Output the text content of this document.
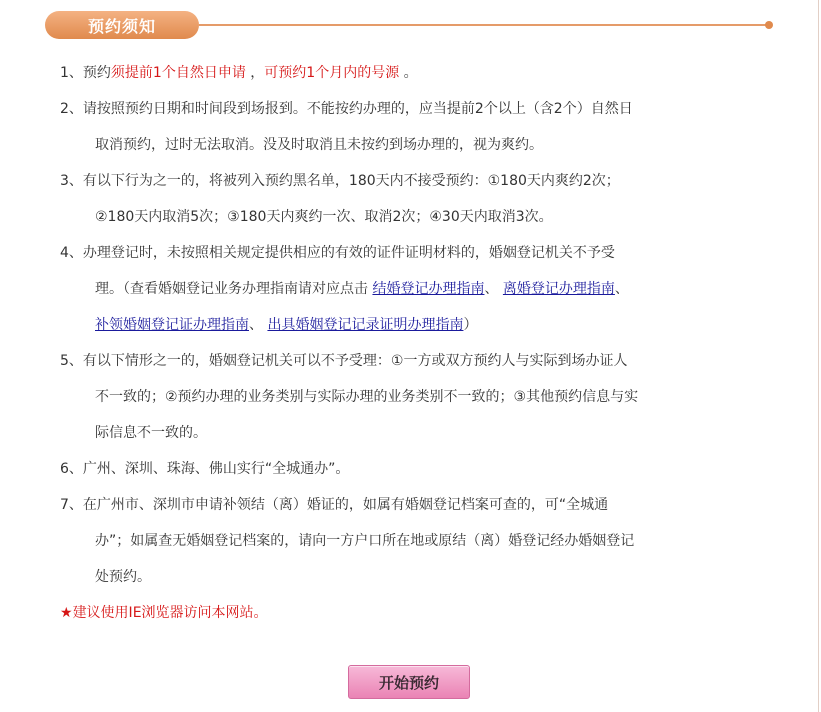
预约须知
1、预约须提前1个自然日申请 ，可预约1个月内的号源 。
2、请按照预约日期和时间段到场报到。不能按约办理的，应当提前2个以上（含2个）自然日
取消预约，过时无法取消。没及时取消且未按约到场办理的，视为爽约。
3、有以下行为之一的，将被列入预约黑名单，180天内不接受预约：①180天内爽约2次；
②180天内取消5次；③180天内爽约一次、取消2次；④30天内取消3次。
4、办理登记时，未按照相关规定提供相应的有效的证件证明材料的，婚姻登记机关不予受
理。（查看婚姻登记业务办理指南请对应点击 结婚登记办理指南、 离婚登记办理指南、
补领婚姻登记证办理指南、 出具婚姻登记记录证明办理指南）
5、有以下情形之一的，婚姻登记机关可以不予受理：①一方或双方预约人与实际到场办证人
不一致的；②预约办理的业务类别与实际办理的业务类别不一致的；③其他预约信息与实
际信息不一致的。
6、广州、深圳、珠海、佛山实行“全城通办”。
7、在广州市、深圳市申请补领结（离）婚证的，如属有婚姻登记档案可查的，可“全城通
办”；如属查无婚姻登记档案的，请向一方户口所在地或原结（离）婚登记经办婚姻登记
处预约。
★建议使用IE浏览器访问本网站。
开始预约
